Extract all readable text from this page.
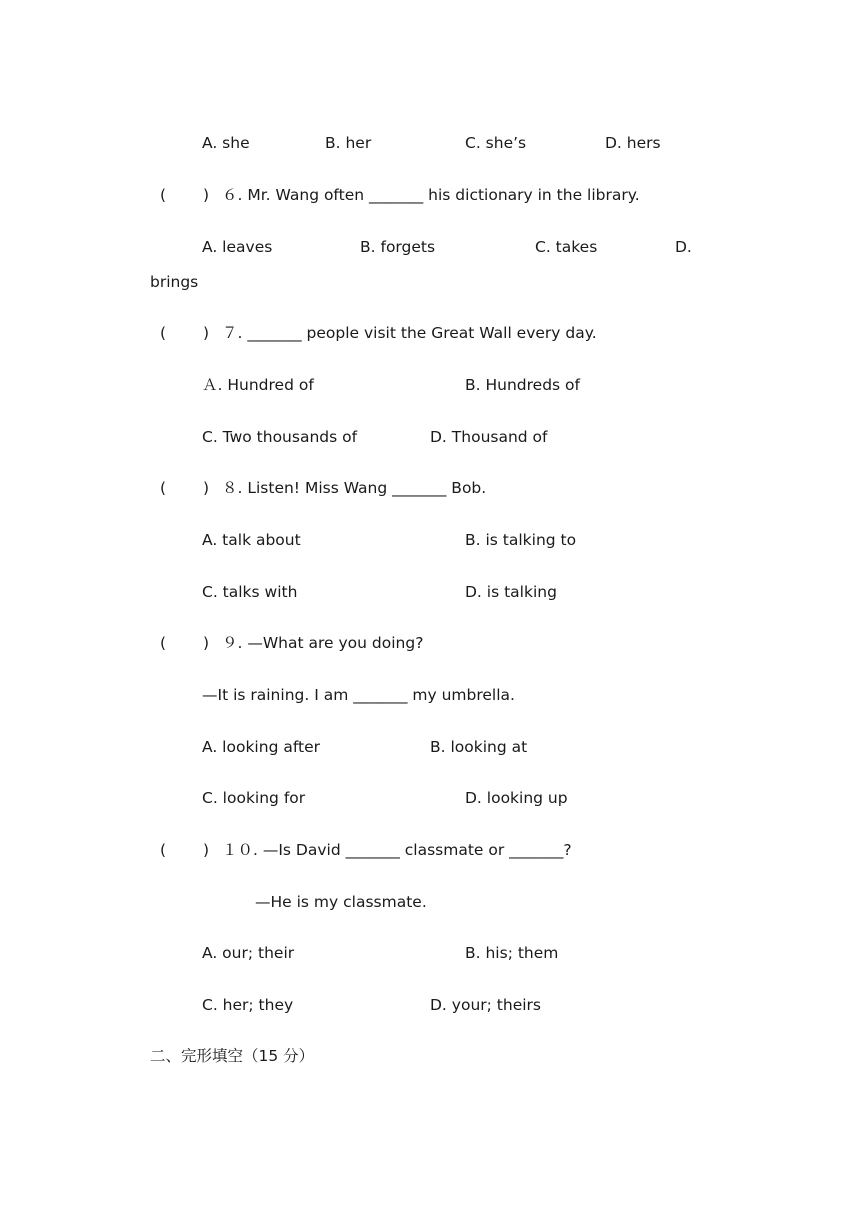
A. she	B. her	C. she’s	D. hers
( ) ６. Mr. Wang often _______ his dictionary in the library.
A. leaves	B. forgets	C. takes	D.
brings
( ) ７. _______ people visit the Great Wall every day.
Ａ. Hundred of	B. Hundreds of
C. Two thousands of	D. Thousand of
( ) ８. Listen! Miss Wang _______ Bob.
A. talk about	B. is talking to
C. talks with	D. is talking
( ) ９. —What are you doing?
—It is raining. I am _______ my umbrella.
A. looking after	B. looking at
C. looking for	D. looking up
( ) １０. —Is David _______ classmate or _______?
—He is my classmate.
A. our; their	B. his; them
C. her; they	D. your; theirs
二、完形填空（15 分）
